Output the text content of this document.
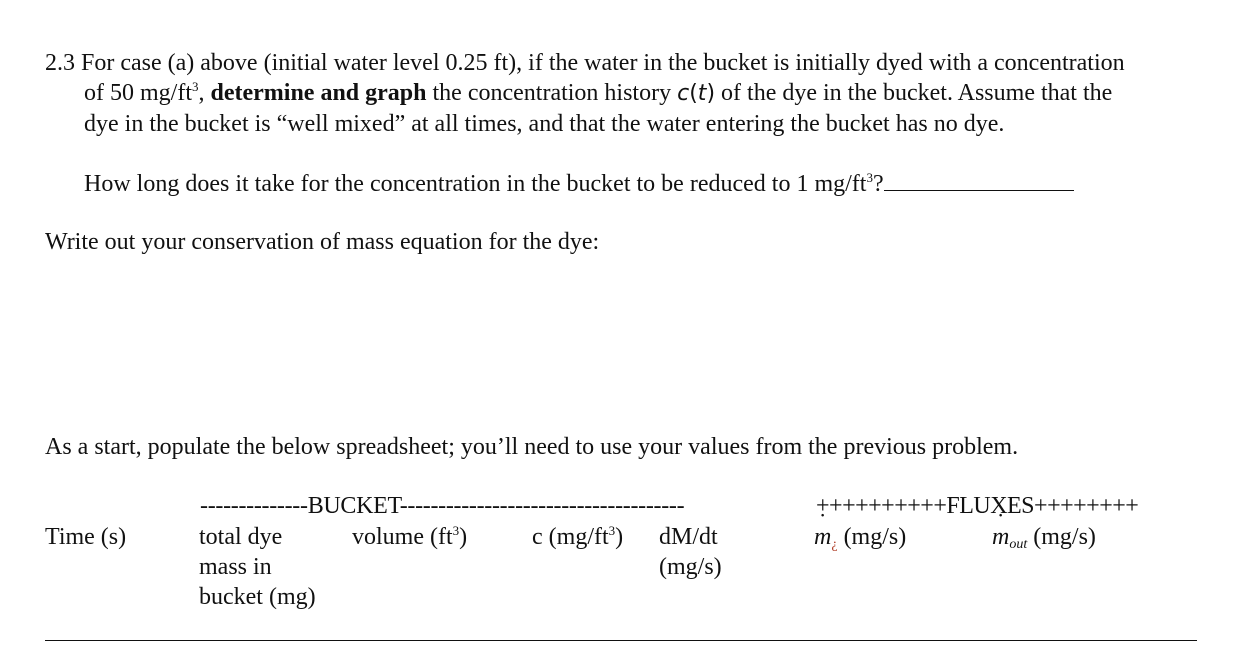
2.3 For case (a) above (initial water level 0.25 ft), if the water in the bucket is initially dyed with a concentration
of 50 $mg/ft^3$, determine and graph the concentration history c(t) of the dye in the bucket. Assume that the
dye in the bucket is “well mixed” at all times, and that the water entering the bucket has no dye.
How long does it take for the concentration in the bucket to be reduced to 1 $mg/ft^3$?
Write out your conservation of mass equation for the dye:
As a start, populate the below spreadsheet; you’ll need to use your values from the previous problem.
--------------BUCKET-------------------------------------	++++++++++FLUXES++++++++
Time (s)	total dye
mass in
bucket (mg)
volume $(ft^3)$	c $(mg/ft^3)$ dM/dt
(mg/s)
˙ m¿ (mg/s)
˙	mout (mg/s)
